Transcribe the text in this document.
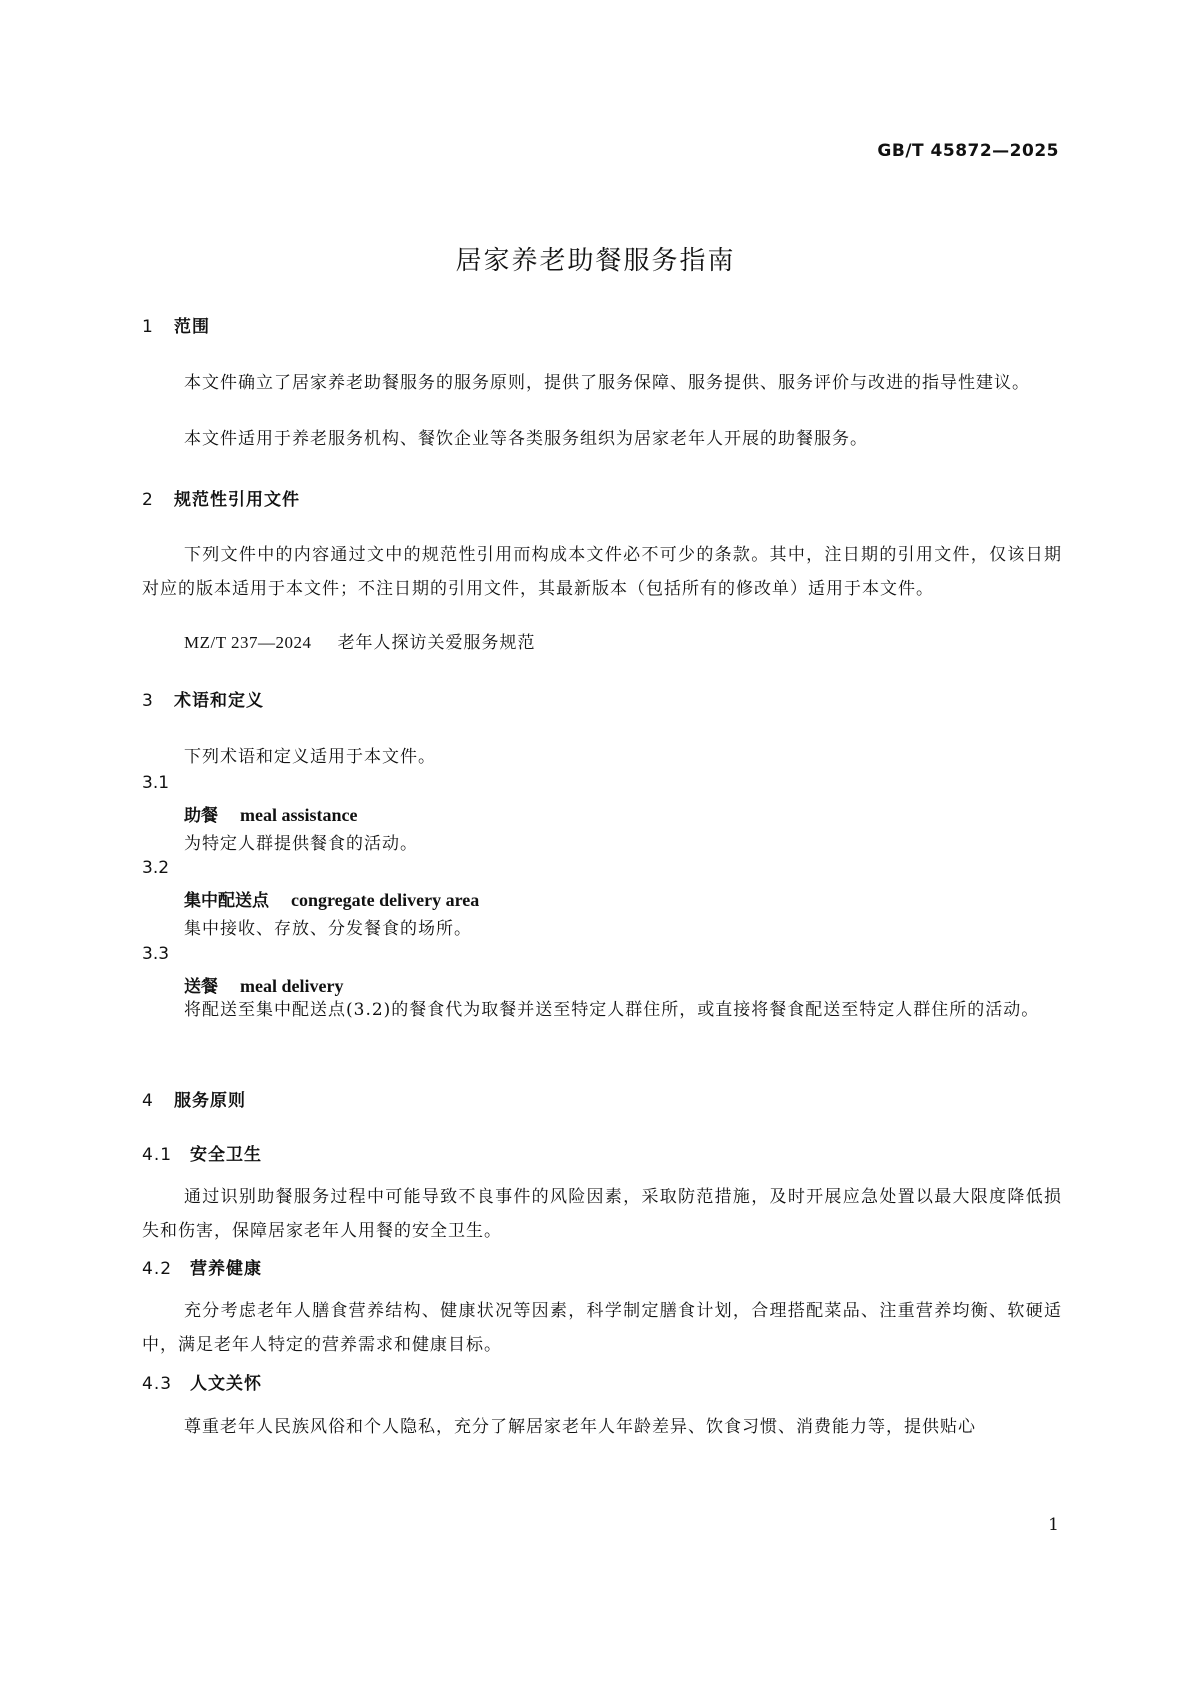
GB/T 45872—2025
居家养老助餐服务指南
1 范围
本文件确立了居家养老助餐服务的服务原则，提供了服务保障、服务提供、服务评价与改进的指导性建议。
本文件适用于养老服务机构、餐饮企业等各类服务组织为居家老年人开展的助餐服务。
2 规范性引用文件
下列文件中的内容通过文中的规范性引用而构成本文件必不可少的条款。其中，注日期的引用文件，仅该日期对应的版本适用于本文件；不注日期的引用文件，其最新版本（包括所有的修改单）适用于本文件。
MZ/T 237—2024 老年人探访关爱服务规范
3 术语和定义
下列术语和定义适用于本文件。
3.1
助餐 meal assistance
为特定人群提供餐食的活动。
3.2
集中配送点 congregate delivery area
集中接收、存放、分发餐食的场所。
3.3
送餐 meal delivery
将配送至集中配送点(3.2)的餐食代为取餐并送至特定人群住所，或直接将餐食配送至特定人群住所的活动。
4 服务原则
4.1 安全卫生
通过识别助餐服务过程中可能导致不良事件的风险因素，采取防范措施，及时开展应急处置以最大限度降低损失和伤害，保障居家老年人用餐的安全卫生。
4.2 营养健康
充分考虑老年人膳食营养结构、健康状况等因素，科学制定膳食计划，合理搭配菜品、注重营养均衡、软硬适中，满足老年人特定的营养需求和健康目标。
4.3 人文关怀
尊重老年人民族风俗和个人隐私，充分了解居家老年人年龄差异、饮食习惯、消费能力等，提供贴心
1
